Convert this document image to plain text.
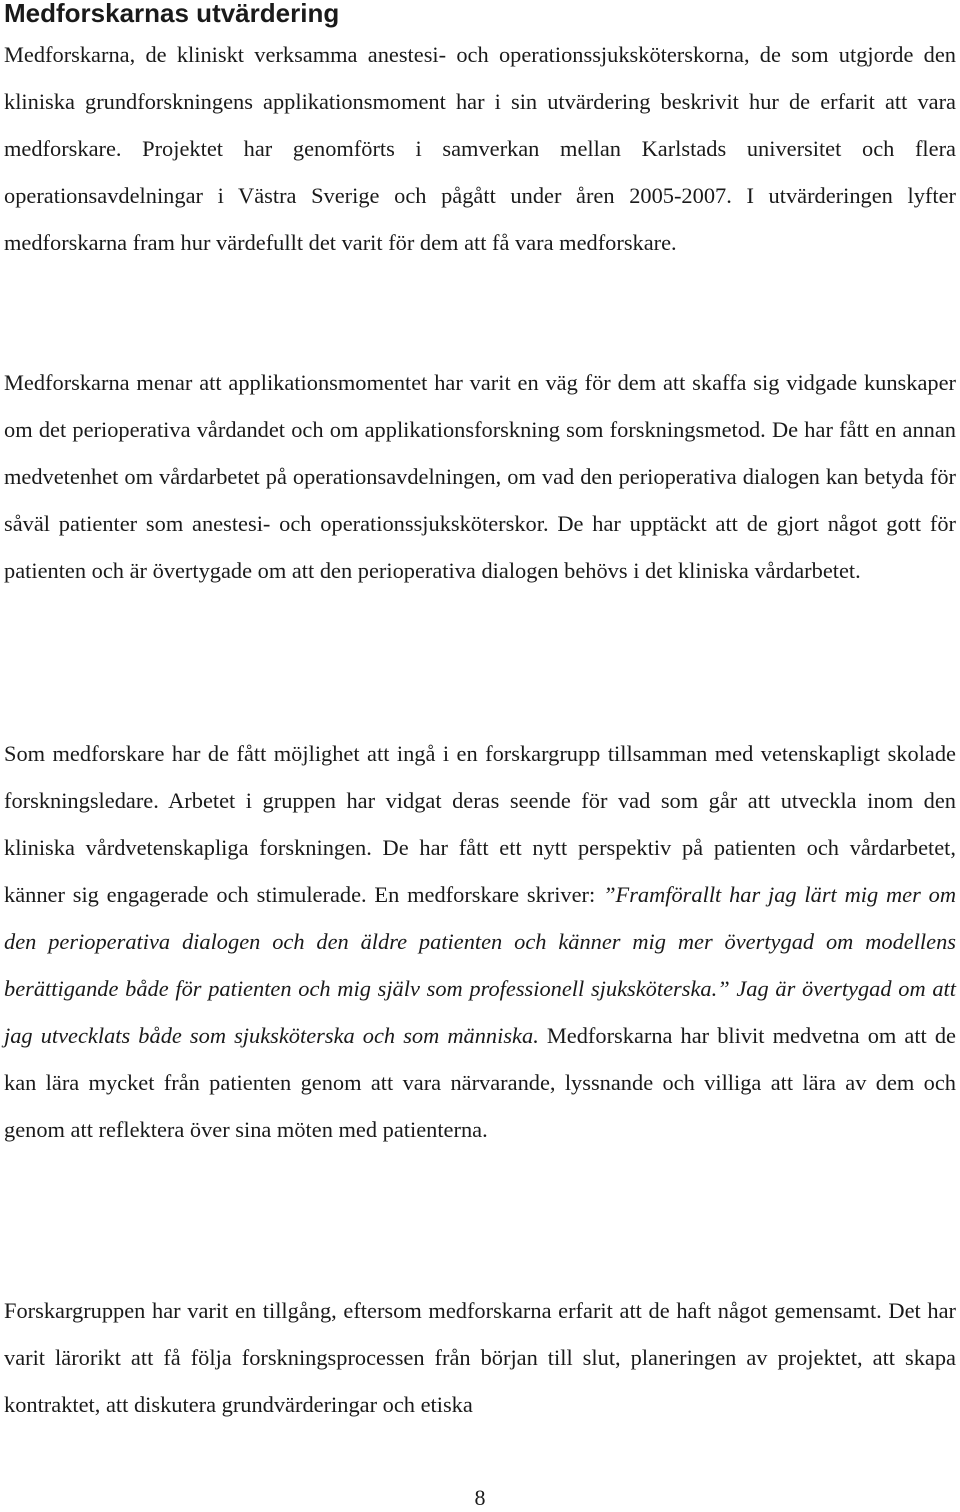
Medforskarnas utvärdering

Medforskarna, de kliniskt verksamma anestesi- och operationssjuksköterskorna, de som utgjorde den kliniska grundforskningens applikationsmoment har i sin utvärdering beskrivit hur de erfarit att vara medforskare. Projektet har genomförts i samverkan mellan Karlstads universitet och flera operationsavdelningar i Västra Sverige och pågått under åren 2005-2007. I utvärderingen lyfter medforskarna fram hur värdefullt det varit för dem att få vara medforskare.

Medforskarna menar att applikationsmomentet har varit en väg för dem att skaffa sig vidgade kunskaper om det perioperativa vårdandet och om applikationsforskning som forskningsmetod. De har fått en annan medvetenhet om vårdarbetet på operationsavdelningen, om vad den perioperativa dialogen kan betyda för såväl patienter som anestesi- och operationssjuksköterskor. De har upptäckt att de gjort något gott för patienten och är övertygade om att den perioperativa dialogen behövs i det kliniska vårdarbetet.

Som medforskare har de fått möjlighet att ingå i en forskargrupp tillsamman med vetenskapligt skolade forskningsledare. Arbetet i gruppen har vidgat deras seende för vad som går att utveckla inom den kliniska vårdvetenskapliga forskningen. De har fått ett nytt perspektiv på patienten och vårdarbetet, känner sig engagerade och stimulerade. En medforskare skriver: ”Framförallt har jag lärt mig mer om den perioperativa dialogen och den äldre patienten och känner mig mer övertygad om modellens berättigande både för patienten och mig själv som professionell sjuksköterska.” Jag är övertygad om att jag utvecklats både som sjuksköterska och som människa. Medforskarna har blivit medvetna om att de kan lära mycket från patienten genom att vara närvarande, lyssnande och villiga att lära av dem och genom att reflektera över sina möten med patienterna.

Forskargruppen har varit en tillgång, eftersom medforskarna erfarit att de haft något gemensamt. Det har varit lärorikt att få följa forskningsprocessen från början till slut, planeringen av projektet, att skapa kontraktet, att diskutera grundvärderingar och etiska

8
